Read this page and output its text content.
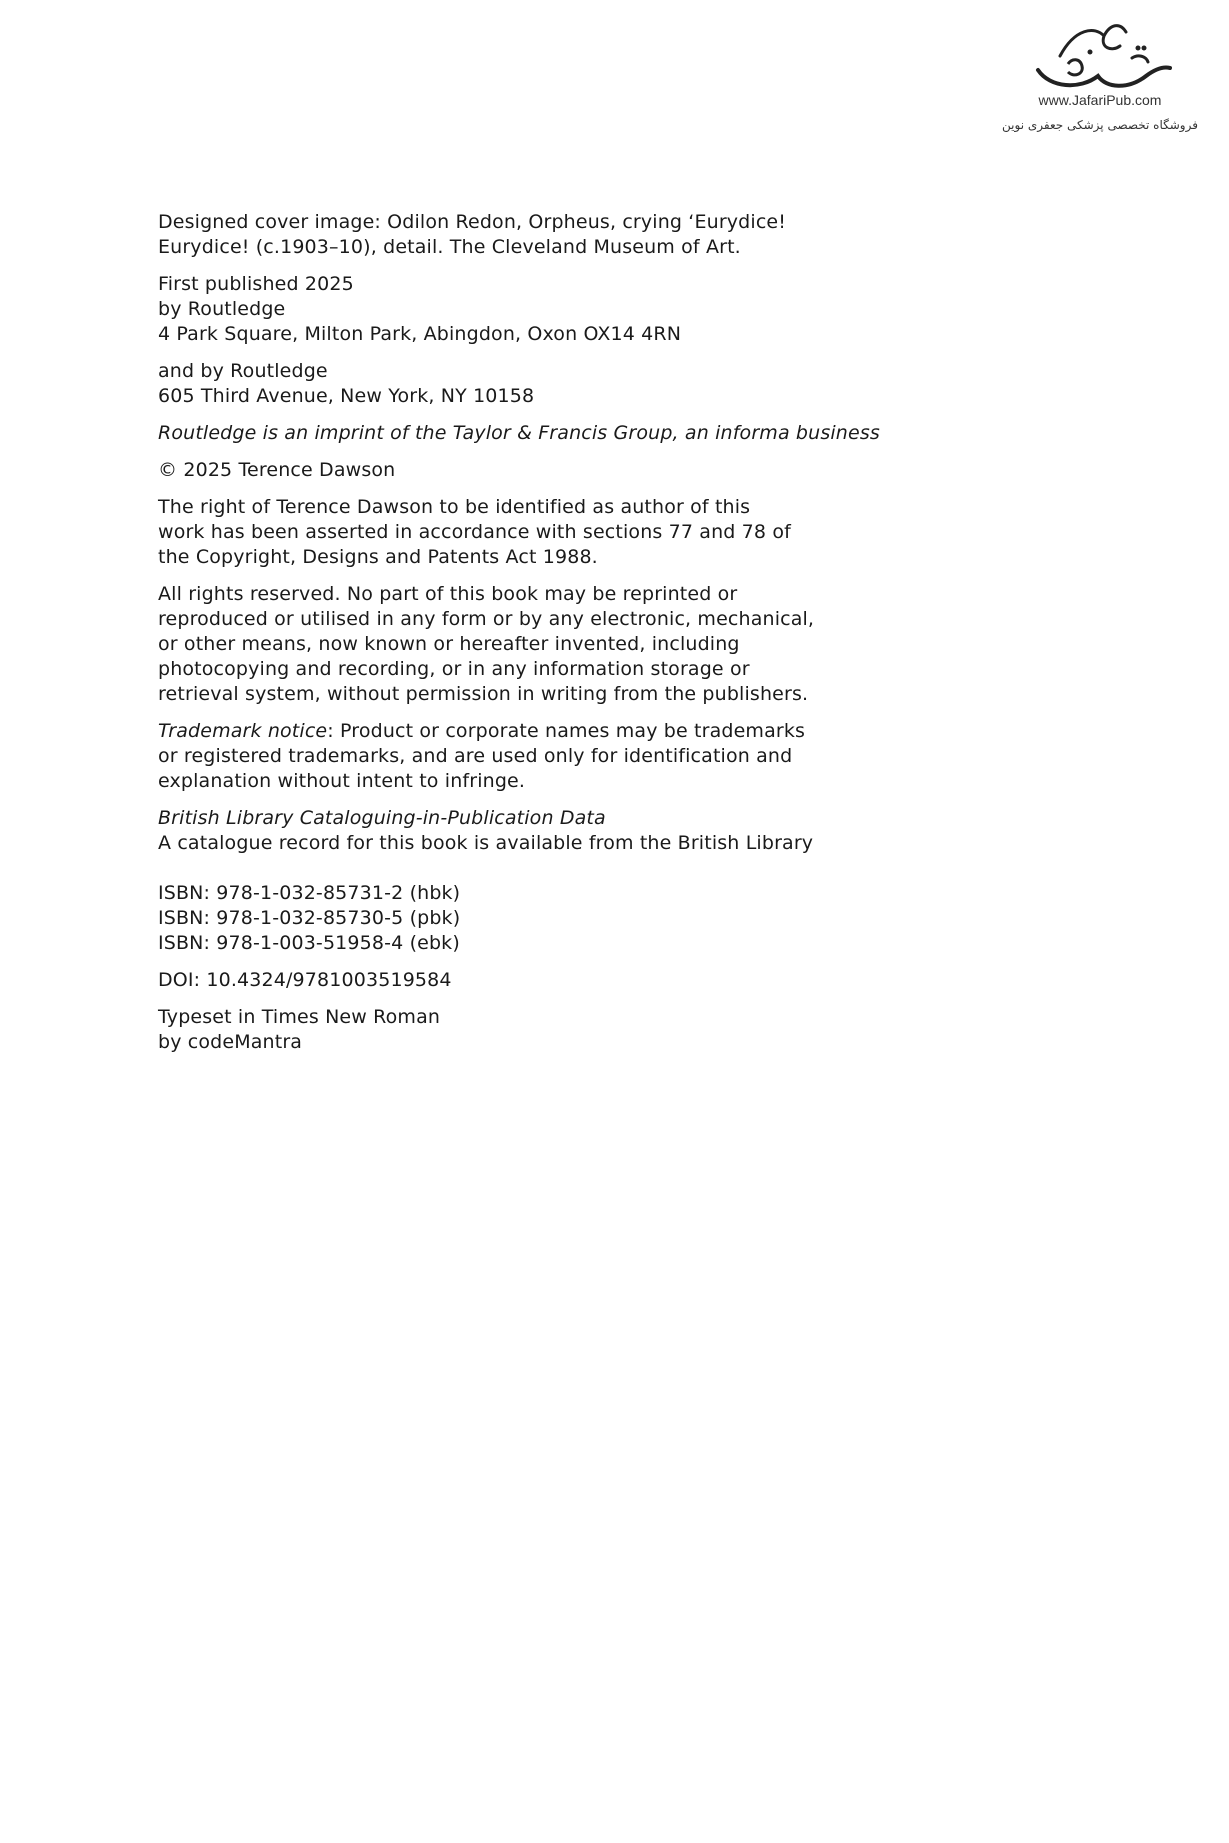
www.JafariPub.com
فروشگاه تخصصی پزشکی جعفری نوین
Designed cover image: Odilon Redon, Orpheus, crying ‘Eurydice!
Eurydice! (c.1903–10), detail. The Cleveland Museum of Art.
First published 2025
by Routledge
4 Park Square, Milton Park, Abingdon, Oxon OX14 4RN
and by Routledge
605 Third Avenue, New York, NY 10158
Routledge is an imprint of the Taylor & Francis Group, an informa business
© 2025 Terence Dawson
The right of Terence Dawson to be identified as author of this
work has been asserted in accordance with sections 77 and 78 of
the Copyright, Designs and Patents Act 1988.
All rights reserved. No part of this book may be reprinted or
reproduced or utilised in any form or by any electronic, mechanical,
or other means, now known or hereafter invented, including
photocopying and recording, or in any information storage or
retrieval system, without permission in writing from the publishers.
Trademark notice: Product or corporate names may be trademarks
or registered trademarks, and are used only for identification and
explanation without intent to infringe.
British Library Cataloguing-in-Publication Data
A catalogue record for this book is available from the British Library
ISBN: 978-1-032-85731-2 (hbk)
ISBN: 978-1-032-85730-5 (pbk)
ISBN: 978-1-003-51958-4 (ebk)
DOI: 10.4324/9781003519584
Typeset in Times New Roman
by codeMantra
